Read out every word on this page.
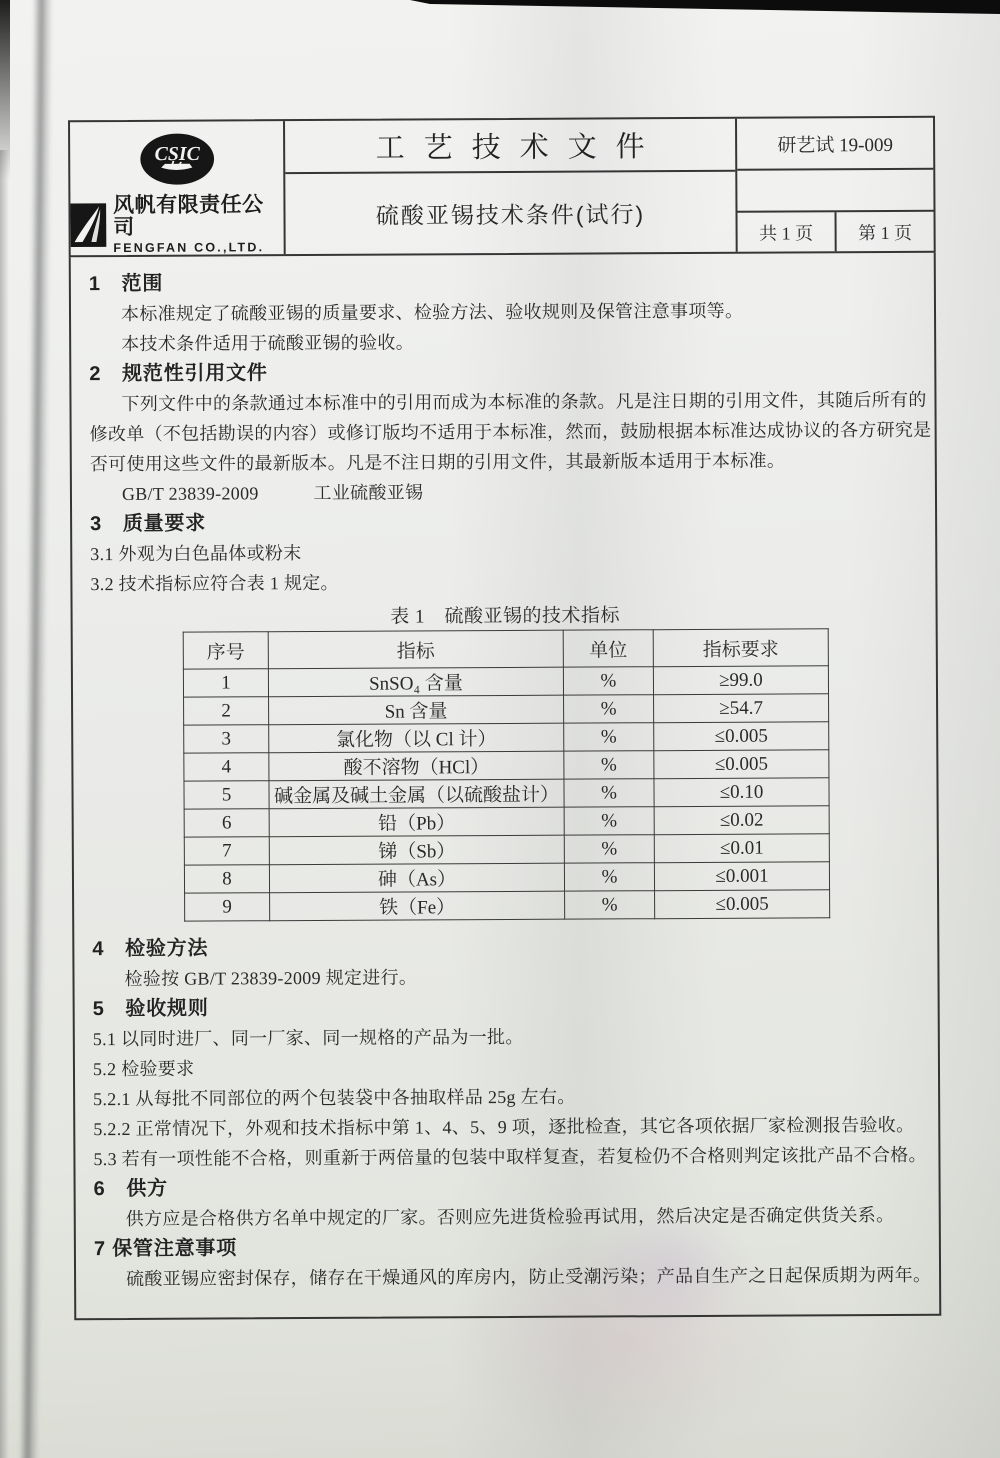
CSIC
风帆有限责任公司
FENGFAN CO.,LTD.
工艺技术文件
硫酸亚锡技术条件(试行)
研艺试 19-009
共 1 页	第 1 页
1　范围
本标准规定了硫酸亚锡的质量要求、检验方法、验收规则及保管注意事项等。
本技术条件适用于硫酸亚锡的验收。
2　规范性引用文件
下列文件中的条款通过本标准中的引用而成为本标准的条款。凡是注日期的引用文件，其随后所有的
修改单（不包括勘误的内容）或修订版均不适用于本标准，然而，鼓励根据本标准达成协议的各方研究是
否可使用这些文件的最新版本。凡是不注日期的引用文件，其最新版本适用于本标准。
GB/T 23839-2009　　　工业硫酸亚锡
3　质量要求
3.1 外观为白色晶体或粉末
3.2 技术指标应符合表 1 规定。
表 1　硫酸亚锡的技术指标
序号	指标	单位	指标要求
1	SnSO₄ 含量	%	≥99.0
2	Sn 含量	%	≥54.7
3	氯化物（以 Cl 计）	%	≤0.005
4	酸不溶物（HCl）	%	≤0.005
5	碱金属及碱土金属（以硫酸盐计）	%	≤0.10
6	铅（Pb）	%	≤0.02
7	锑（Sb）	%	≤0.01
8	砷（As）	%	≤0.001
9	铁（Fe）	%	≤0.005
4　检验方法
检验按 GB/T 23839-2009 规定进行。
5　验收规则
5.1 以同时进厂、同一厂家、同一规格的产品为一批。
5.2 检验要求
5.2.1 从每批不同部位的两个包装袋中各抽取样品 25g 左右。
5.2.2 正常情况下，外观和技术指标中第 1、4、5、9 项，逐批检查，其它各项依据厂家检测报告验收。
5.3 若有一项性能不合格，则重新于两倍量的包装中取样复查，若复检仍不合格则判定该批产品不合格。
6　供方
供方应是合格供方名单中规定的厂家。否则应先进货检验再试用，然后决定是否确定供货关系。
7 保管注意事项
硫酸亚锡应密封保存，储存在干燥通风的库房内，防止受潮污染；产品自生产之日起保质期为两年。
